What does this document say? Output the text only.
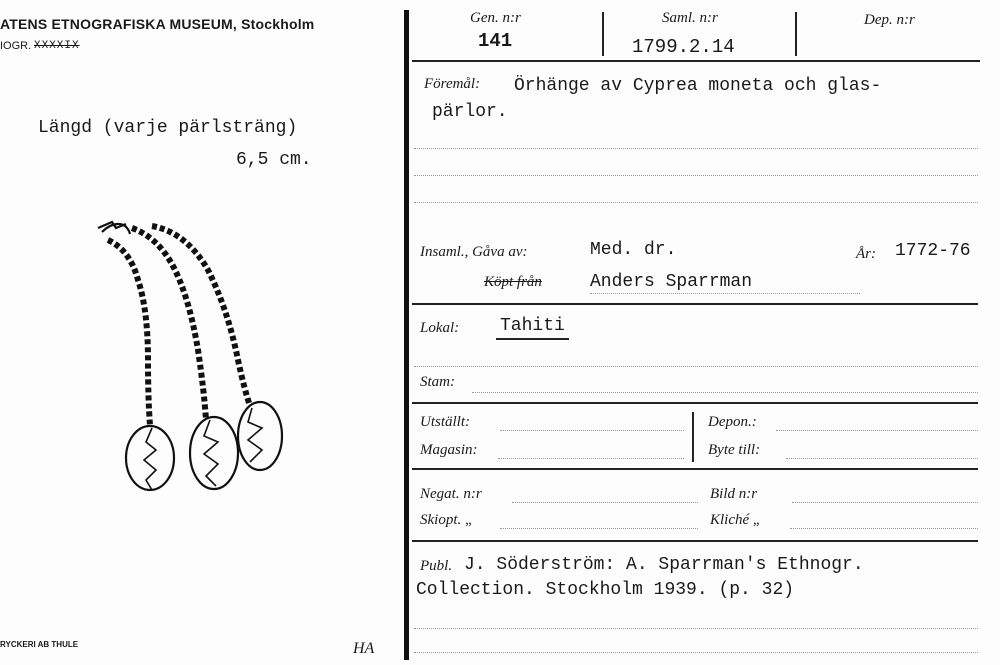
ATENS ETNOGRAFISKA MUSEUM, Stockholm
IOGR. XXXXIX
Längd (varje pärlsträng)
6,5 cm.
RYCKERI AB THULE	HA
Gen. n:r
141
Saml. n:r
1799.2.14
Dep. n:r
Föremål: Örhänge av Cyprea moneta och glas-
pärlor.
Insaml., Gåva av:	Med. dr.	År: 1772-76
Köpt från	Anders Sparrman
Lokal: Tahiti
Stam:
Utställt:	Depon.:
Magasin:	Byte till:
Negat. n:r	Bild n:r
Skiopt. „	Kliché „
Publ. J. Söderström: A. Sparrman's Ethnogr.
Collection. Stockholm 1939. (p. 32)
